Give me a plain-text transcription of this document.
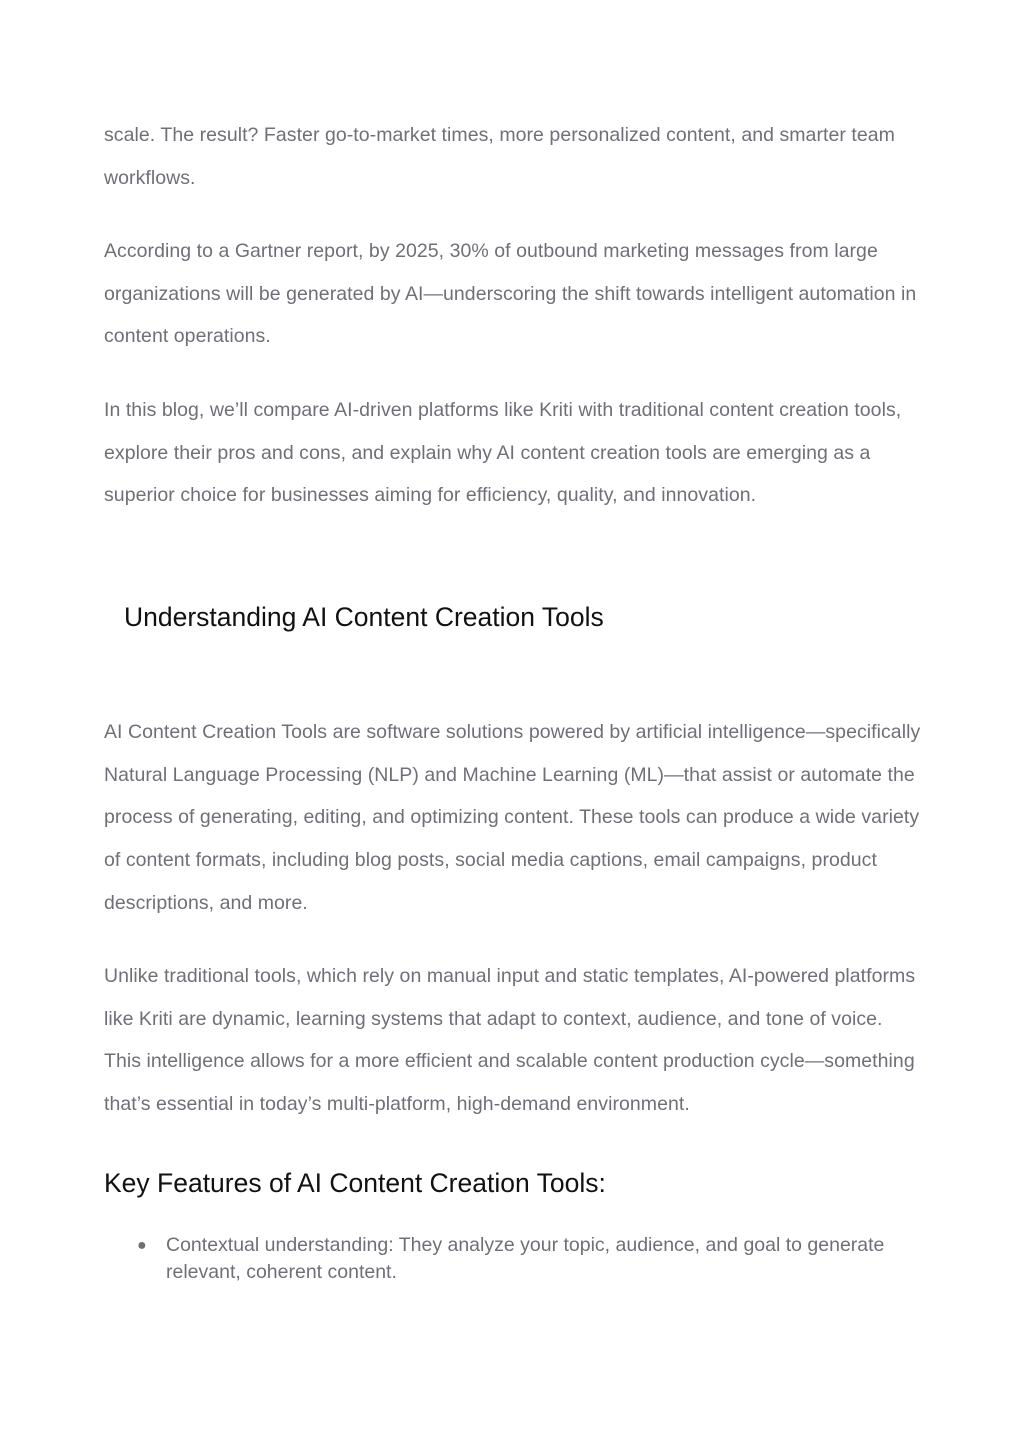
scale. The result? Faster go-to-market times, more personalized content, and smarter team workflows.

According to a Gartner report, by 2025, 30% of outbound marketing messages from large organizations will be generated by AI—underscoring the shift towards intelligent automation in content operations.

In this blog, we’ll compare AI-driven platforms like Kriti with traditional content creation tools, explore their pros and cons, and explain why AI content creation tools are emerging as a superior choice for businesses aiming for efficiency, quality, and innovation.

Understanding AI Content Creation Tools

AI Content Creation Tools are software solutions powered by artificial intelligence—specifically Natural Language Processing (NLP) and Machine Learning (ML)—that assist or automate the process of generating, editing, and optimizing content. These tools can produce a wide variety of content formats, including blog posts, social media captions, email campaigns, product descriptions, and more.

Unlike traditional tools, which rely on manual input and static templates, AI-powered platforms like Kriti are dynamic, learning systems that adapt to context, audience, and tone of voice. This intelligence allows for a more efficient and scalable content production cycle—something that’s essential in today’s multi-platform, high-demand environment.

Key Features of AI Content Creation Tools:
● Contextual understanding: They analyze your topic, audience, and goal to generate relevant, coherent content.
